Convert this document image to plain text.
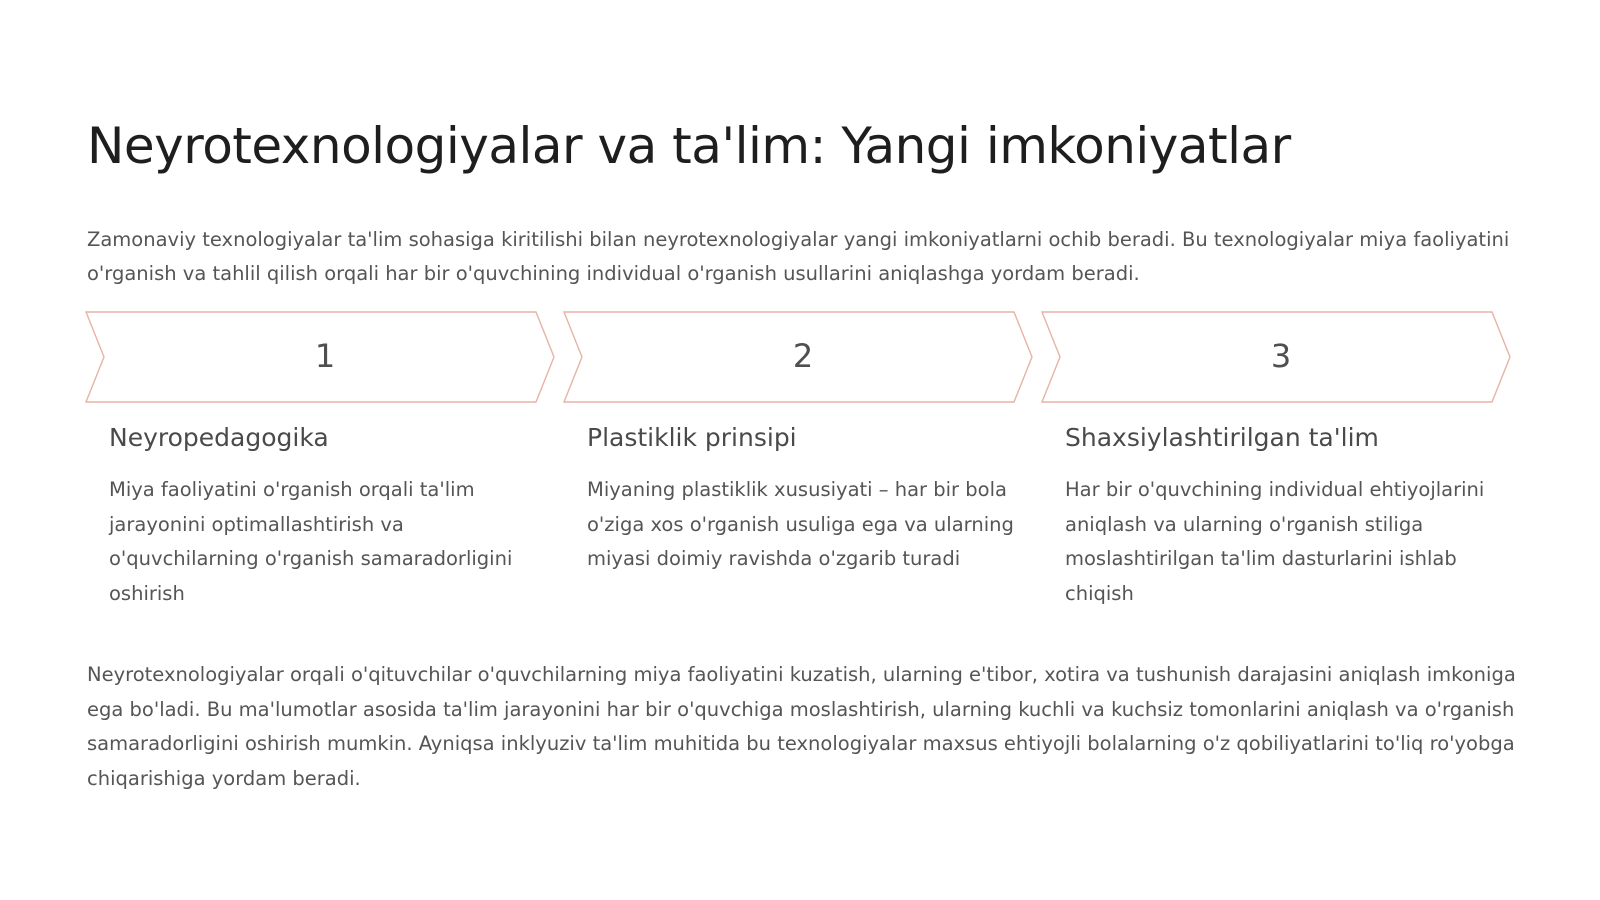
Neyrotexnologiyalar va ta'lim: Yangi imkoniyatlar

Zamonaviy texnologiyalar ta'lim sohasiga kiritilishi bilan neyrotexnologiyalar yangi imkoniyatlarni ochib beradi. Bu texnologiyalar miya faoliyatini o'rganish va tahlil qilish orqali har bir o'quvchining individual o'rganish usullarini aniqlashga yordam beradi.

1	2	3
Neyropedagogika	Plastiklik prinsipi	Shaxsiylashtirilgan ta'lim

Miya faoliyatini o'rganish orqali ta'lim jarayonini optimallashtirish va o'quvchilarning o'rganish samaradorligini oshirish

Miyaning plastiklik xususiyati – har bir bola o'ziga xos o'rganish usuliga ega va ularning miyasi doimiy ravishda o'zgarib turadi

Har bir o'quvchining individual ehtiyojlarini aniqlash va ularning o'rganish stiliga moslashtirilgan ta'lim dasturlarini ishlab chiqish

Neyrotexnologiyalar orqali o'qituvchilar o'quvchilarning miya faoliyatini kuzatish, ularning e'tibor, xotira va tushunish darajasini aniqlash imkoniga ega bo'ladi. Bu ma'lumotlar asosida ta'lim jarayonini har bir o'quvchiga moslashtirish, ularning kuchli va kuchsiz tomonlarini aniqlash va o'rganish samaradorligini oshirish mumkin. Ayniqsa inklyuziv ta'lim muhitida bu texnologiyalar maxsus ehtiyojli bolalarning o'z qobiliyatlarini to'liq ro'yobga chiqarishiga yordam beradi.
